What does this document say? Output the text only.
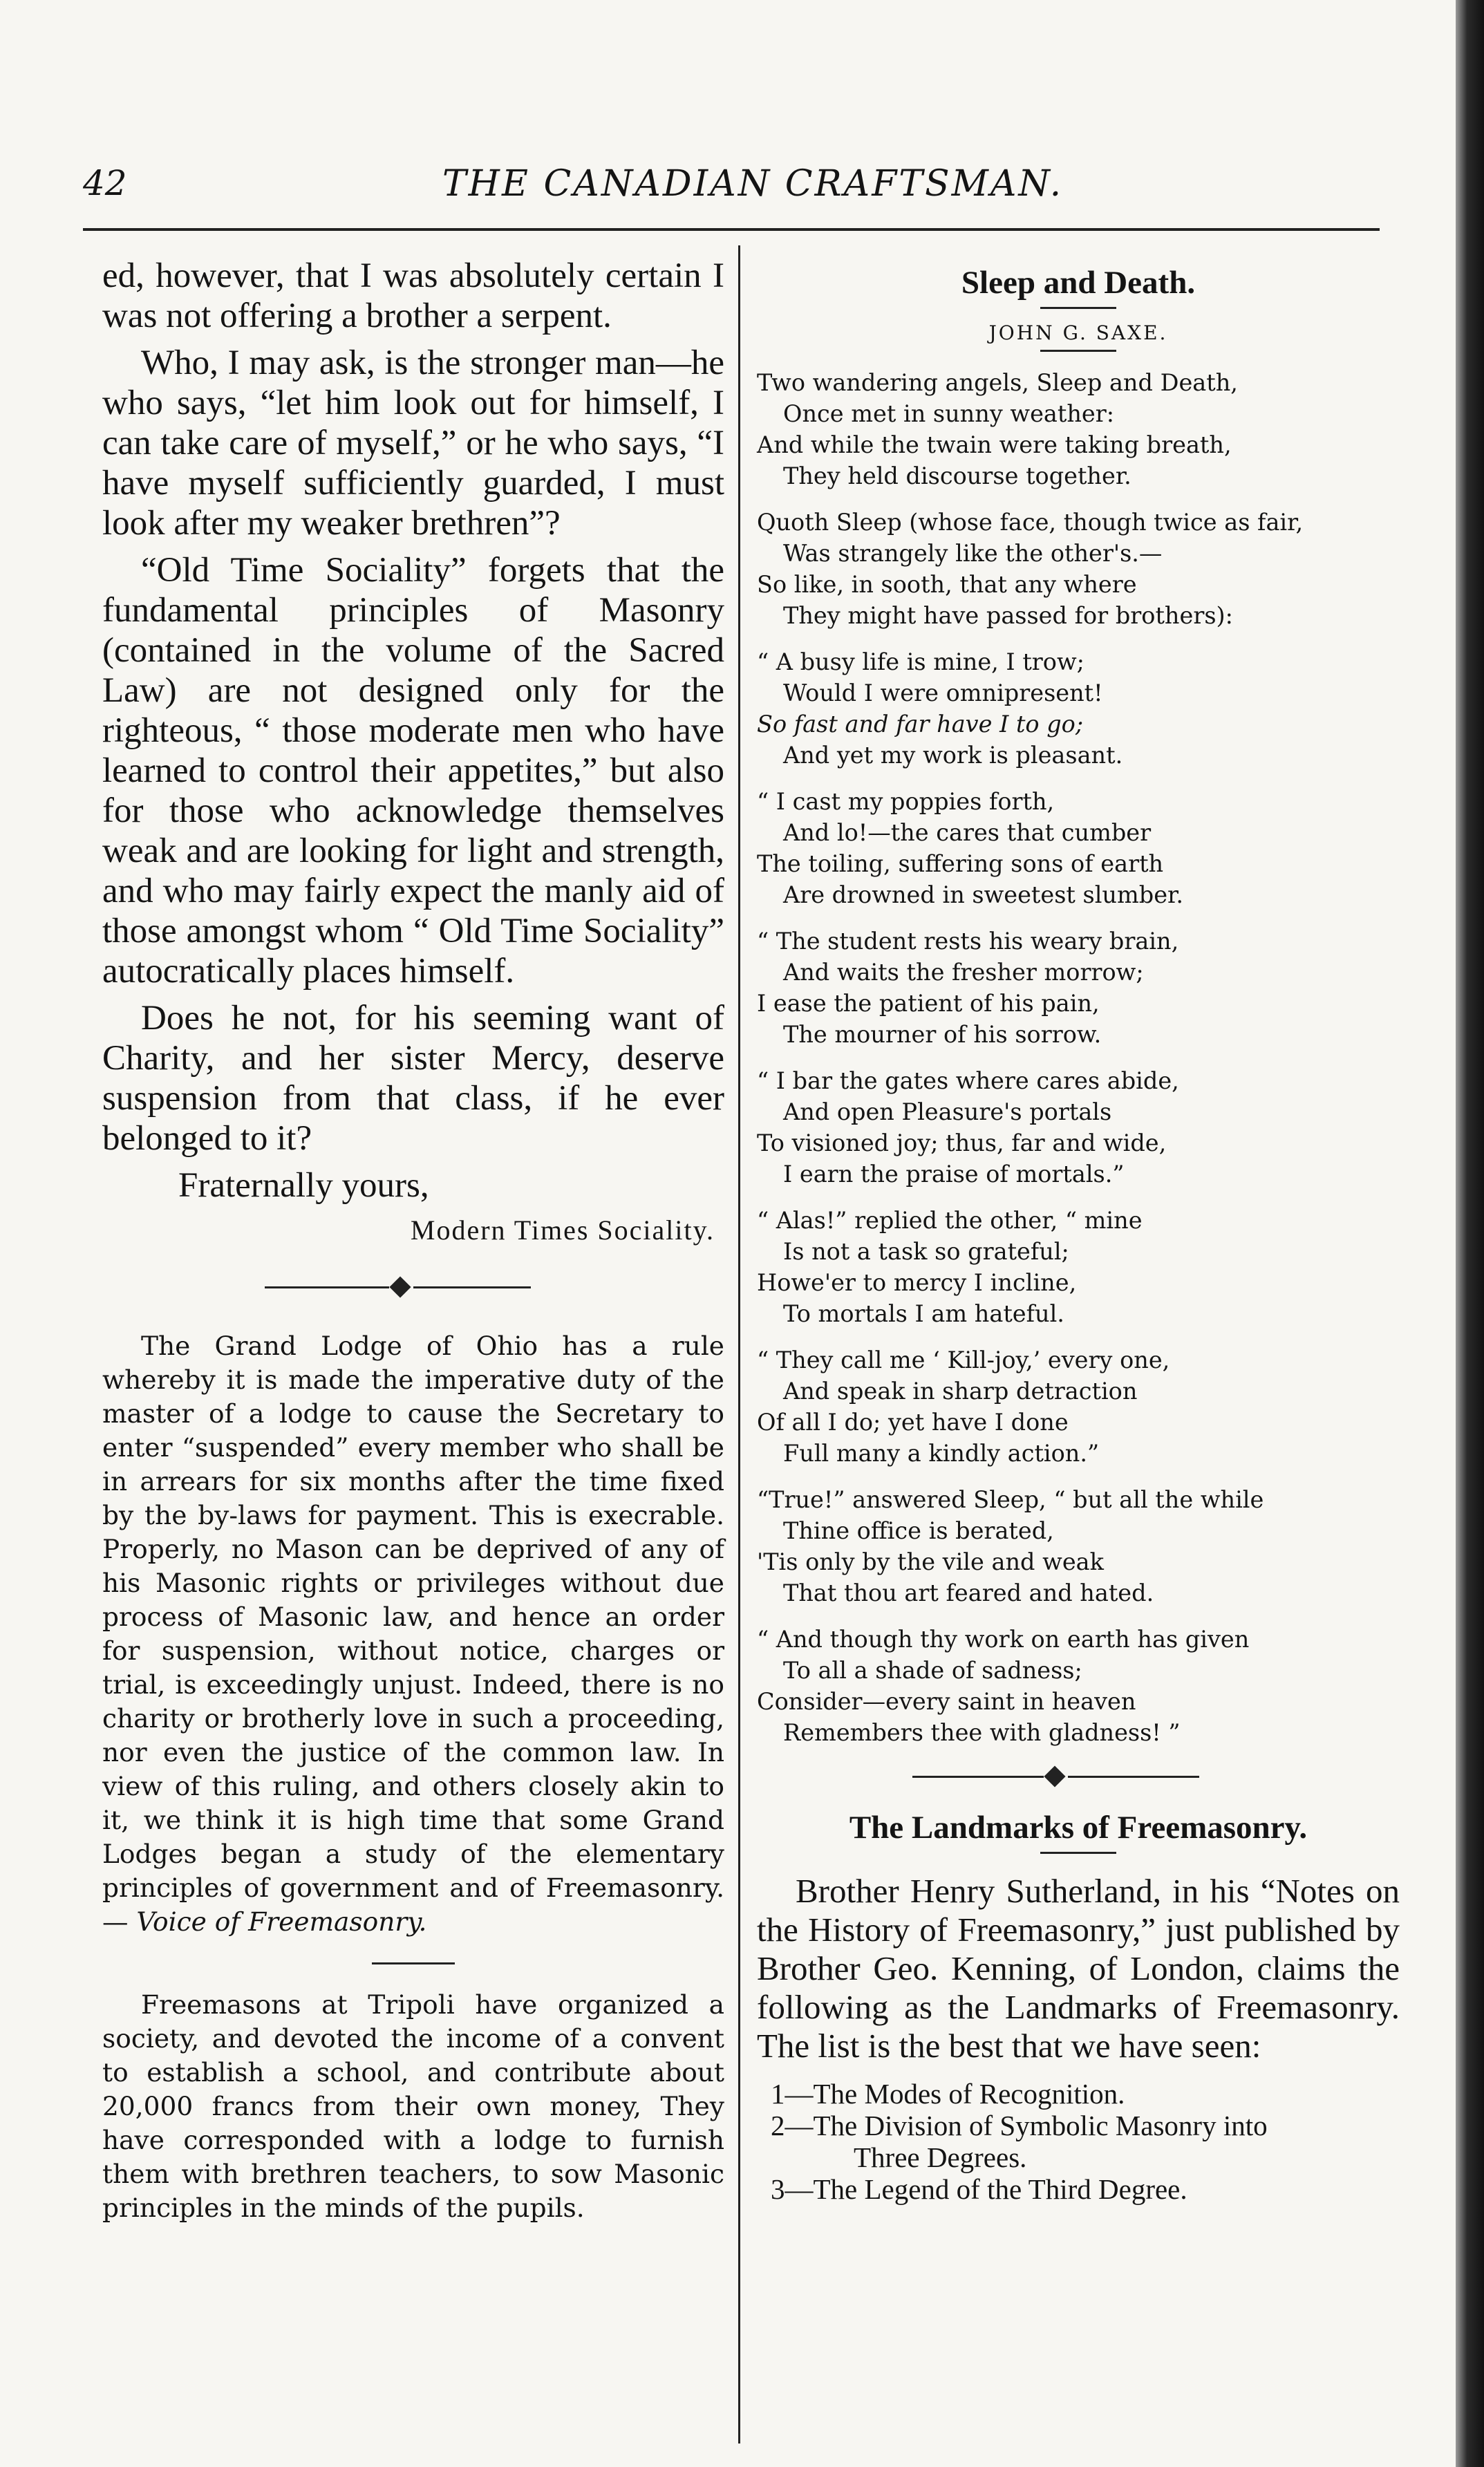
42	THE CANADIAN CRAFTSMAN.

ed, however, that I was absolutely certain I was not offering a brother a serpent.

Who, I may ask, is the stronger man—he who says, “let him look out for himself, I can take care of myself,” or he who says, “I have myself sufficiently guarded, I must look after my weaker brethren”?

“Old Time Sociality” forgets that the fundamental principles of Masonry (contained in the volume of the Sacred Law) are not designed only for the righteous, “ those moderate men who have learned to control their appetites,” but also for those who acknowledge themselves weak and are looking for light and strength, and who may fairly expect the manly aid of those amongst whom “ Old Time Sociality” autocratically places himself.

Does he not, for his seeming want of Charity, and her sister Mercy, deserve suspension from that class, if he ever belonged to it?

Fraternally yours,
Modern Times Sociality.

The Grand Lodge of Ohio has a rule whereby it is made the imperative duty of the master of a lodge to cause the Secretary to enter “suspended” every member who shall be in arrears for six months after the time fixed by the by-laws for payment. This is execrable. Properly, no Mason can be deprived of any of his Masonic rights or privileges without due process of Masonic law, and hence an order for suspension, without notice, charges or trial, is exceedingly unjust. Indeed, there is no charity or brotherly love in such a proceeding, nor even the justice of the common law. In view of this ruling, and others closely akin to it, we think it is high time that some Grand Lodges began a study of the elementary principles of government and of Freemasonry. — Voice of Freemasonry.

Freemasons at Tripoli have organized a society, and devoted the income of a convent to establish a school, and contribute about 20,000 francs from their own money, They have corresponded with a lodge to furnish them with brethren teachers, to sow Masonic principles in the minds of the pupils.

Sleep and Death.
JOHN G. SAXE.
Two wandering angels, Sleep and Death,
Once met in sunny weather:
And while the twain were taking breath,
They held discourse together.
Quoth Sleep (whose face, though twice as fair,
Was strangely like the other's.—
So like, in sooth, that any where
They might have passed for brothers):
“ A busy life is mine, I trow;
Would I were omnipresent!
So fast and far have I to go;
And yet my work is pleasant.
“ I cast my poppies forth,
And lo!—the cares that cumber
The toiling, suffering sons of earth
Are drowned in sweetest slumber.
“ The student rests his weary brain,
And waits the fresher morrow;
I ease the patient of his pain,
The mourner of his sorrow.
“ I bar the gates where cares abide,
And open Pleasure's portals
To visioned joy; thus, far and wide,
I earn the praise of mortals.”
“ Alas!” replied the other, “ mine
Is not a task so grateful;
Howe'er to mercy I incline,
To mortals I am hateful.
“ They call me ‘ Kill-joy,’ every one,
And speak in sharp detraction
Of all I do; yet have I done
Full many a kindly action.”
“True!” answered Sleep, “ but all the while
Thine office is berated,
'Tis only by the vile and weak
That thou art feared and hated.
“ And though thy work on earth has given
To all a shade of sadness;
Consider—every saint in heaven
Remembers thee with gladness! ”
The Landmarks of Freemasonry.

Brother Henry Sutherland, in his “Notes on the History of Freemasonry,” just published by Brother Geo. Kenning, of London, claims the following as the Landmarks of Freemasonry. The list is the best that we have seen:

1—The Modes of Recognition.
2—The Division of Symbolic Masonry into
Three Degrees.
3—The Legend of the Third Degree.
